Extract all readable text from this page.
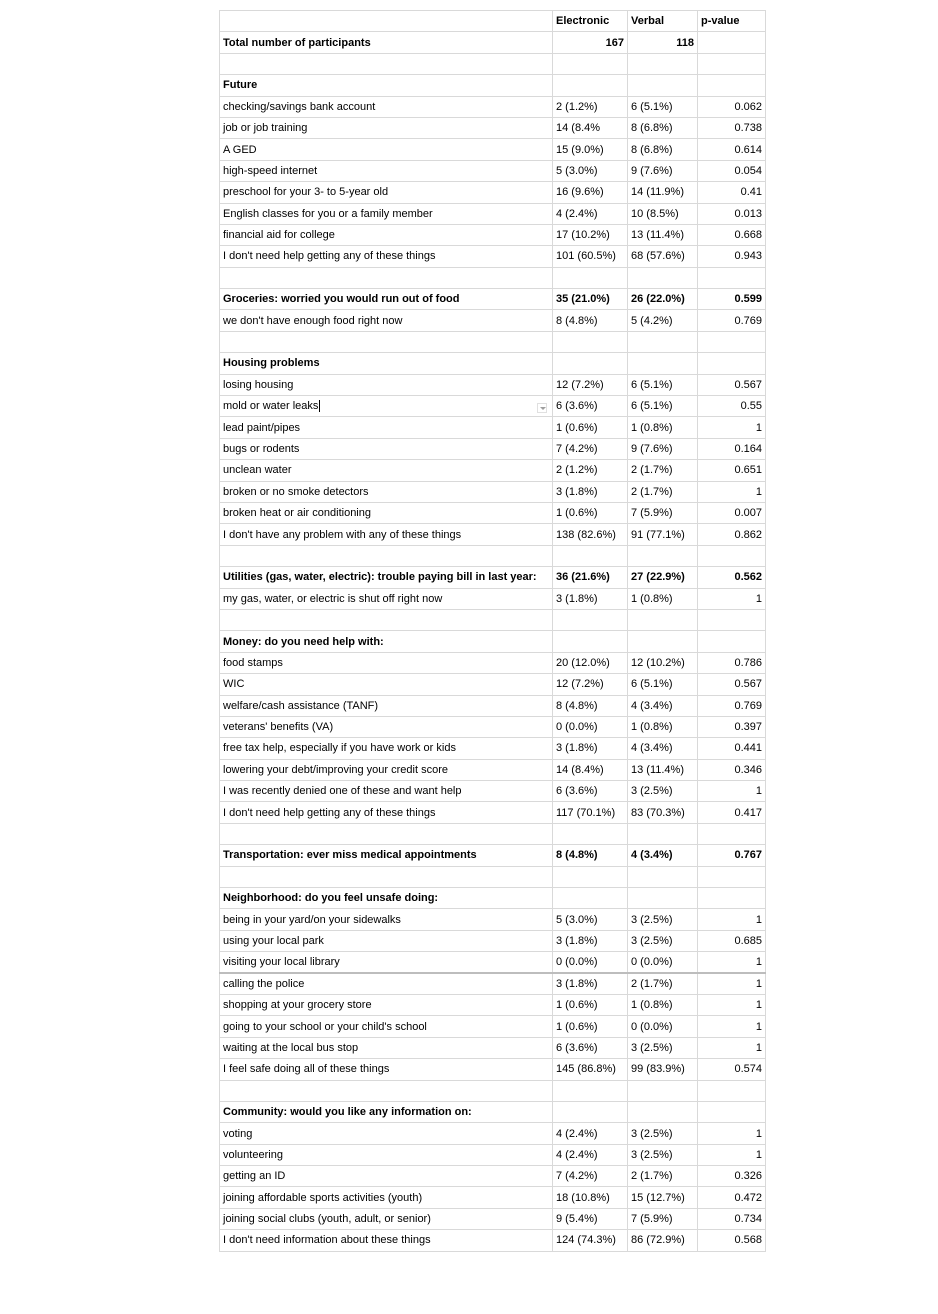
	Electronic	Verbal	p-value
Total number of participants	167	118	

Future			
checking/savings bank account	2 (1.2%)	6 (5.1%)	0.062
job or job training	14 (8.4%	8 (6.8%)	0.738
A GED	15 (9.0%)	8 (6.8%)	0.614
high-speed internet	5 (3.0%)	9 (7.6%)	0.054
preschool for your 3- to 5-year old	16 (9.6%)	14 (11.9%)	0.41
English classes for you or a family member	4 (2.4%)	10 (8.5%)	0.013
financial aid for college	17 (10.2%)	13 (11.4%)	0.668
I don't need help getting any of these things	101 (60.5%)	68 (57.6%)	0.943

Groceries: worried you would run out of food	35 (21.0%)	26 (22.0%)	0.599
we don't have enough food right now	8 (4.8%)	5 (4.2%)	0.769

Housing problems			
losing housing	12 (7.2%)	6 (5.1%)	0.567

mold or water leaks	6 (3.6%)	6 (5.1%)	0.55
lead paint/pipes	1 (0.6%)	1 (0.8%)	1
bugs or rodents	7 (4.2%)	9 (7.6%)	0.164
unclean water	2 (1.2%)	2 (1.7%)	0.651
broken or no smoke detectors	3 (1.8%)	2 (1.7%)	1
broken heat or air conditioning	1 (0.6%)	7 (5.9%)	0.007
I don't have any problem with any of these things	138 (82.6%)	91 (77.1%)	0.862

Utilities (gas, water, electric): trouble paying bill in last year:	36 (21.6%)	27 (22.9%)	0.562
my gas, water, or electric is shut off right now	3 (1.8%)	1 (0.8%)	1

Money: do you need help with:			
food stamps	20 (12.0%)	12 (10.2%)	0.786
WIC	12 (7.2%)	6 (5.1%)	0.567
welfare/cash assistance (TANF)	8 (4.8%)	4 (3.4%)	0.769
veterans' benefits (VA)	0 (0.0%)	1 (0.8%)	0.397
free tax help, especially if you have work or kids	3 (1.8%)	4 (3.4%)	0.441
lowering your debt/improving your credit score	14 (8.4%)	13 (11.4%)	0.346
I was recently denied one of these and want help	6 (3.6%)	3 (2.5%)	1
I don't need help getting any of these things	117 (70.1%)	83 (70.3%)	0.417

Transportation: ever miss medical appointments	8 (4.8%)	4 (3.4%)	0.767

Neighborhood: do you feel unsafe doing:			
being in your yard/on your sidewalks	5 (3.0%)	3 (2.5%)	1
using your local park	3 (1.8%)	3 (2.5%)	0.685
visiting your local library	0 (0.0%)	0 (0.0%)	1
calling the police	3 (1.8%)	2 (1.7%)	1
shopping at your grocery store	1 (0.6%)	1 (0.8%)	1
going to your school or your child's school	1 (0.6%)	0 (0.0%)	1
waiting at the local bus stop	6 (3.6%)	3 (2.5%)	1
I feel safe doing all of these things	145 (86.8%)	99 (83.9%)	0.574

Community: would you like any information on:			
voting	4 (2.4%)	3 (2.5%)	1
volunteering	4 (2.4%)	3 (2.5%)	1
getting an ID	7 (4.2%)	2 (1.7%)	0.326
joining affordable sports activities (youth)	18 (10.8%)	15 (12.7%)	0.472
joining social clubs (youth, adult, or senior)	9 (5.4%)	7 (5.9%)	0.734
I don't need information about these things	124 (74.3%)	86 (72.9%)	0.568
